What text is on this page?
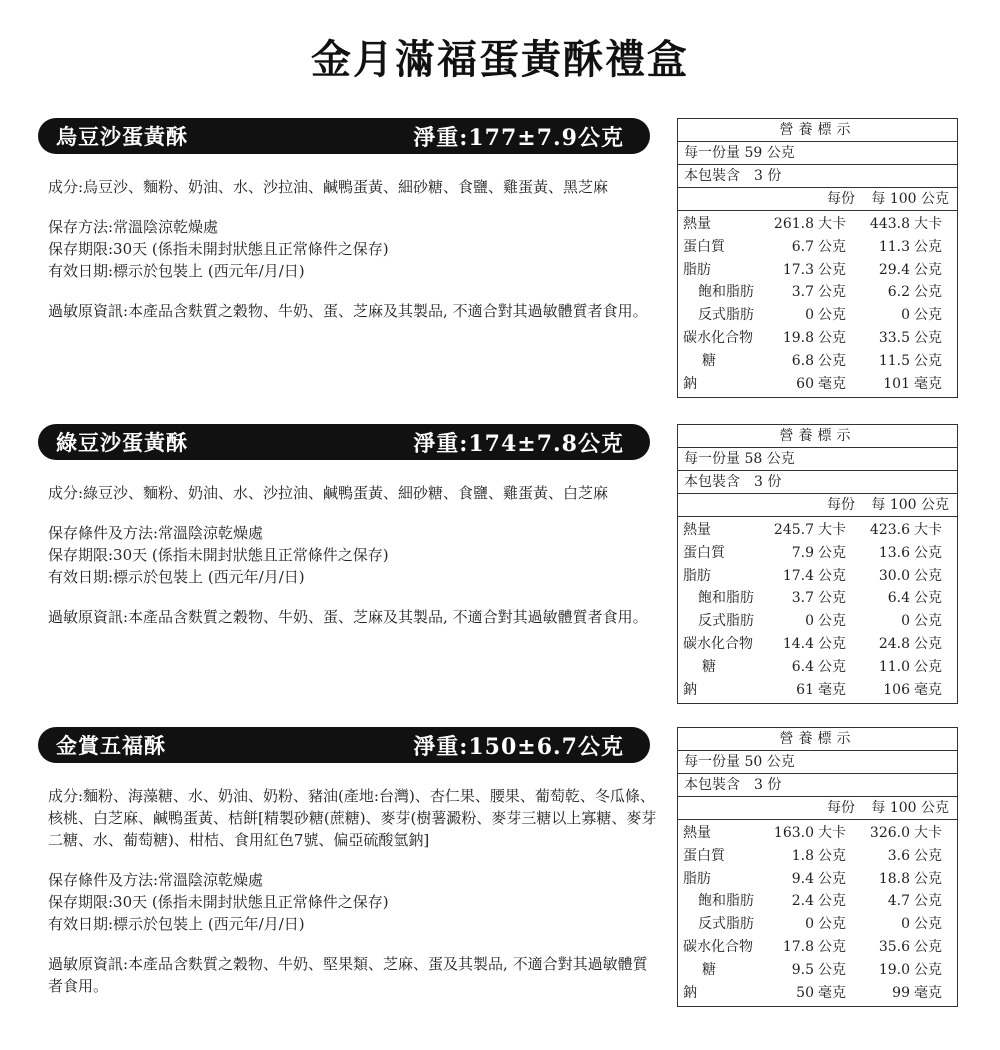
金月滿福蛋黃酥禮盒
烏豆沙蛋黃酥	淨重:177±7.9公克

成分:烏豆沙、麵粉、奶油、水、沙拉油、鹹鴨蛋黃、細砂糖、食鹽、雞蛋黃、黑芝麻

保存方法:常溫陰涼乾燥處

保存期限:30天 (係指未開封狀態且正常條件之保存)

有效日期:標示於包裝上 (西元年/月/日)

過敏原資訊:本產品含麩質之穀物、牛奶、蛋、芝麻及其製品, 不適合對其過敏體質者食用。

營養標示
每一份量 59 公克
本包裝含　3 份
每份	每 100 公克
熱量	261.8 大卡	443.8 大卡
蛋白質	6.7 公克	11.3 公克
脂肪	17.3 公克	29.4 公克
飽和脂肪	3.7 公克	6.2 公克
反式脂肪	0 公克	0 公克
碳水化合物	19.8 公克	33.5 公克
糖	6.8 公克	11.5 公克
鈉	60 毫克	101 毫克
綠豆沙蛋黃酥	淨重:174±7.8公克

成分:綠豆沙、麵粉、奶油、水、沙拉油、鹹鴨蛋黃、細砂糖、食鹽、雞蛋黃、白芝麻

保存條件及方法:常溫陰涼乾燥處

保存期限:30天 (係指未開封狀態且正常條件之保存)

有效日期:標示於包裝上 (西元年/月/日)

過敏原資訊:本產品含麩質之穀物、牛奶、蛋、芝麻及其製品, 不適合對其過敏體質者食用。

營養標示
每一份量 58 公克
本包裝含　3 份
每份	每 100 公克
熱量	245.7 大卡	423.6 大卡
蛋白質	7.9 公克	13.6 公克
脂肪	17.4 公克	30.0 公克
飽和脂肪	3.7 公克	6.4 公克
反式脂肪	0 公克	0 公克
碳水化合物	14.4 公克	24.8 公克
糖	6.4 公克	11.0 公克
鈉	61 毫克	106 毫克
金賞五福酥	淨重:150±6.7公克

成分:麵粉、海藻糖、水、奶油、奶粉、豬油(產地:台灣)、杏仁果、腰果、葡萄乾、冬瓜條、核桃、白芝麻、鹹鴨蛋黃、桔餅[精製砂糖(蔗糖)、麥芽(樹薯澱粉、麥芽三糖以上寡糖、麥芽二糖、水、葡萄糖)、柑桔、食用紅色7號、偏亞硫酸氫鈉]

保存條件及方法:常溫陰涼乾燥處

保存期限:30天 (係指未開封狀態且正常條件之保存)

有效日期:標示於包裝上 (西元年/月/日)

過敏原資訊:本產品含麩質之穀物、牛奶、堅果類、芝麻、蛋及其製品, 不適合對其過敏體質者食用。

營養標示
每一份量 50 公克
本包裝含　3 份
每份	每 100 公克
熱量	163.0 大卡	326.0 大卡
蛋白質	1.8 公克	3.6 公克
脂肪	9.4 公克	18.8 公克
飽和脂肪	2.4 公克	4.7 公克
反式脂肪	0 公克	0 公克
碳水化合物	17.8 公克	35.6 公克
糖	9.5 公克	19.0 公克
鈉	50 毫克	99 毫克
